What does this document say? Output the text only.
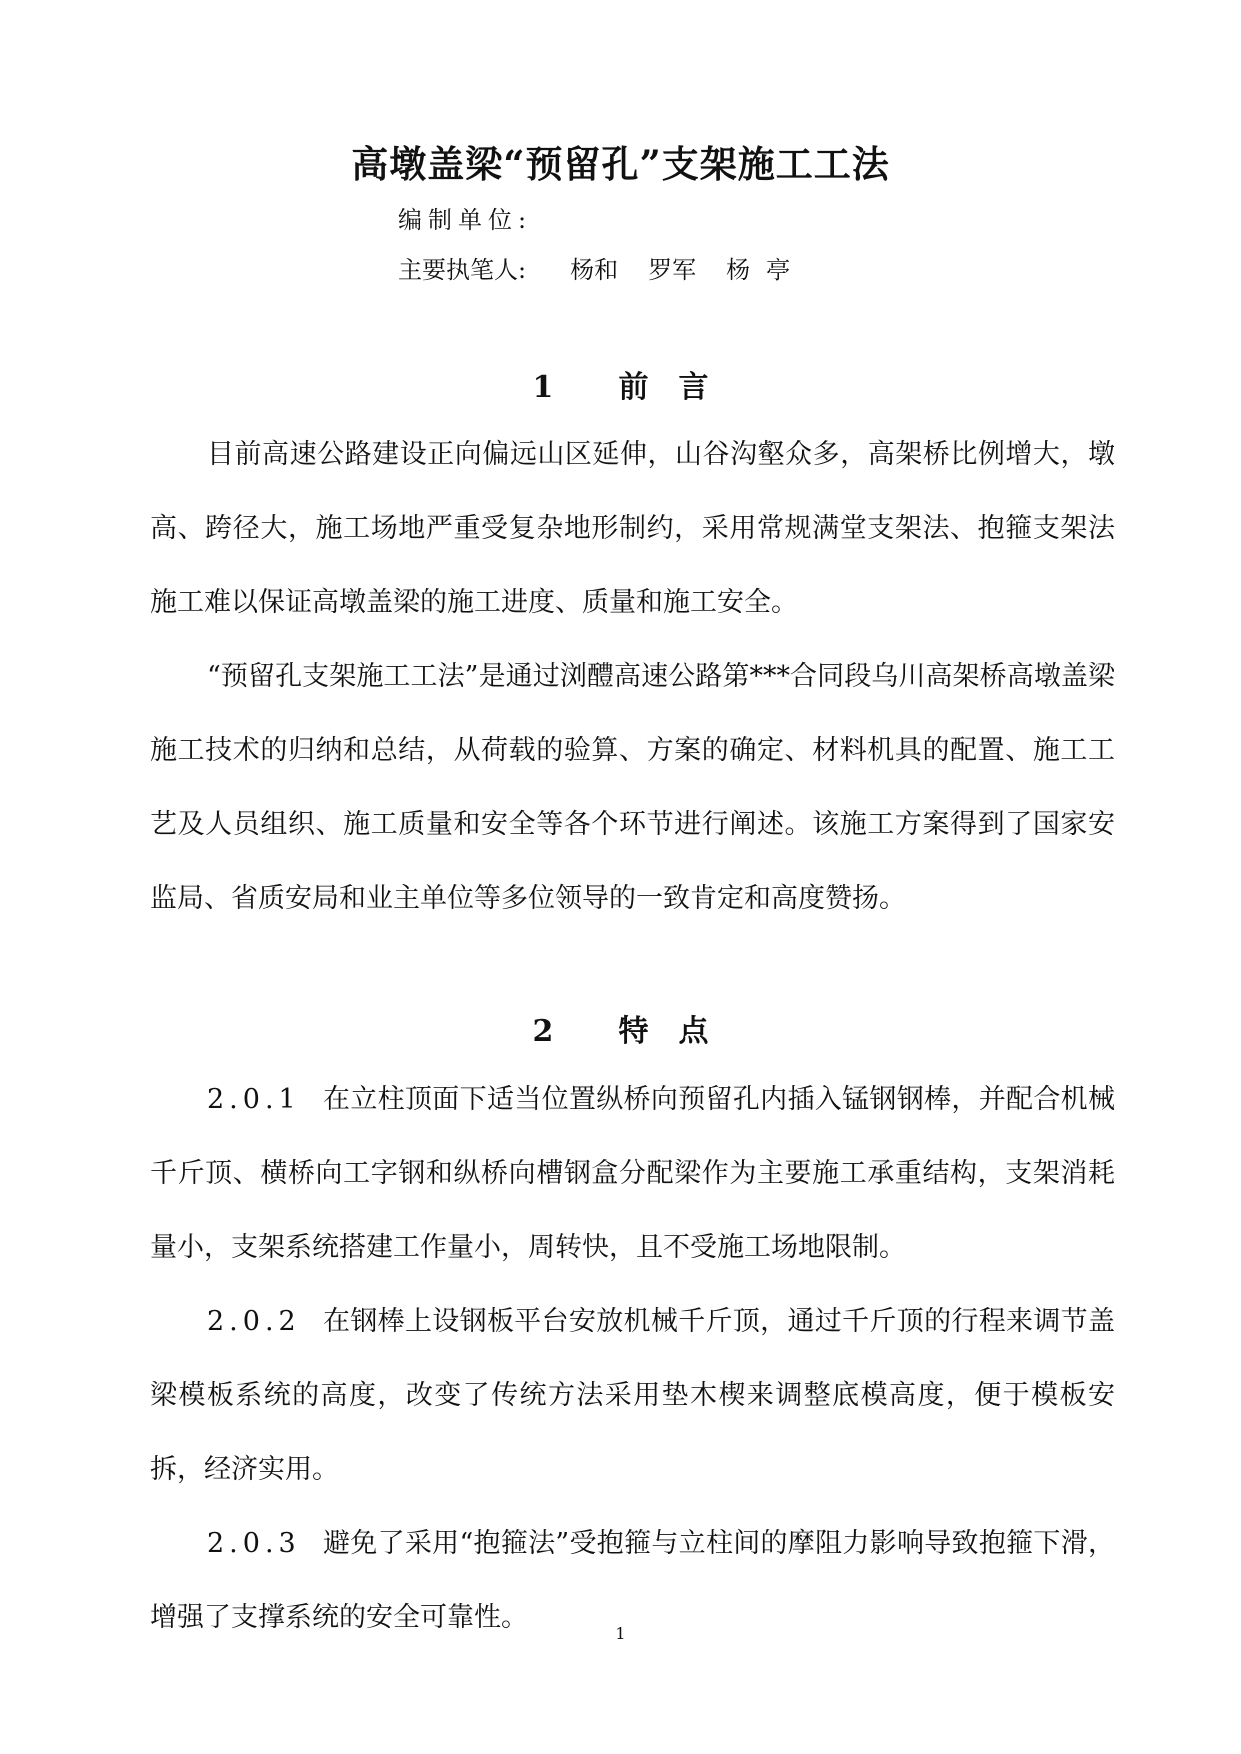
高墩盖梁“预留孔”支架施工工法
编制单位:
主要执笔人: 杨和 罗军 杨 亭
1 前 言

目前高速公路建设正向偏远山区延伸，山谷沟壑众多，高架桥比例增大，墩高、跨径大，施工场地严重受复杂地形制约，采用常规满堂支架法、抱箍支架法施工难以保证高墩盖梁的施工进度、质量和施工安全。

“预留孔支架施工工法”是通过浏醴高速公路第***合同段乌川高架桥高墩盖梁施工技术的归纳和总结，从荷载的验算、方案的确定、材料机具的配置、施工工艺及人员组织、施工质量和安全等各个环节进行阐述。该施工方案得到了国家安监局、省质安局和业主单位等多位领导的一致肯定和高度赞扬。

2 特 点

2.0.1 在立柱顶面下适当位置纵桥向预留孔内插入锰钢钢棒，并配合机械千斤顶、横桥向工字钢和纵桥向槽钢盒分配梁作为主要施工承重结构，支架消耗量小，支架系统搭建工作量小，周转快，且不受施工场地限制。

2.0.2 在钢棒上设钢板平台安放机械千斤顶，通过千斤顶的行程来调节盖梁模板系统的高度，改变了传统方法采用垫木楔来调整底模高度，便于模板安拆，经济实用。

2.0.3 避免了采用“抱箍法”受抱箍与立柱间的摩阻力影响导致抱箍下滑，增强了支撑系统的安全可靠性。

1
